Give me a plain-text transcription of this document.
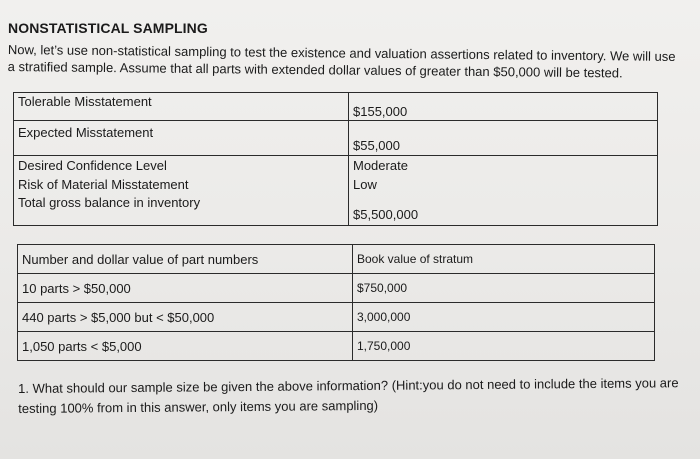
NONSTATISTICAL SAMPLING
Now, let’s use non-statistical sampling to test the existence and valuation assertions related to inventory. We will use a stratified sample. Assume that all parts with extended dollar values of greater than $50,000 will be tested.
Tolerable Misstatement	$155,000
Expected Misstatement	$55,000
Desired Confidence Level	Moderate
Risk of Material Misstatement	Low
Total gross balance in inventory	$5,500,000
Number and dollar value of part numbers	Book value of stratum
10 parts > $50,000	$750,000
440 parts > $5,000 but < $50,000	3,000,000
1,050 parts < $5,000	1,750,000
1. What should our sample size be given the above information? (Hint:you do not need to include the items you are testing 100% from in this answer, only items you are sampling)
